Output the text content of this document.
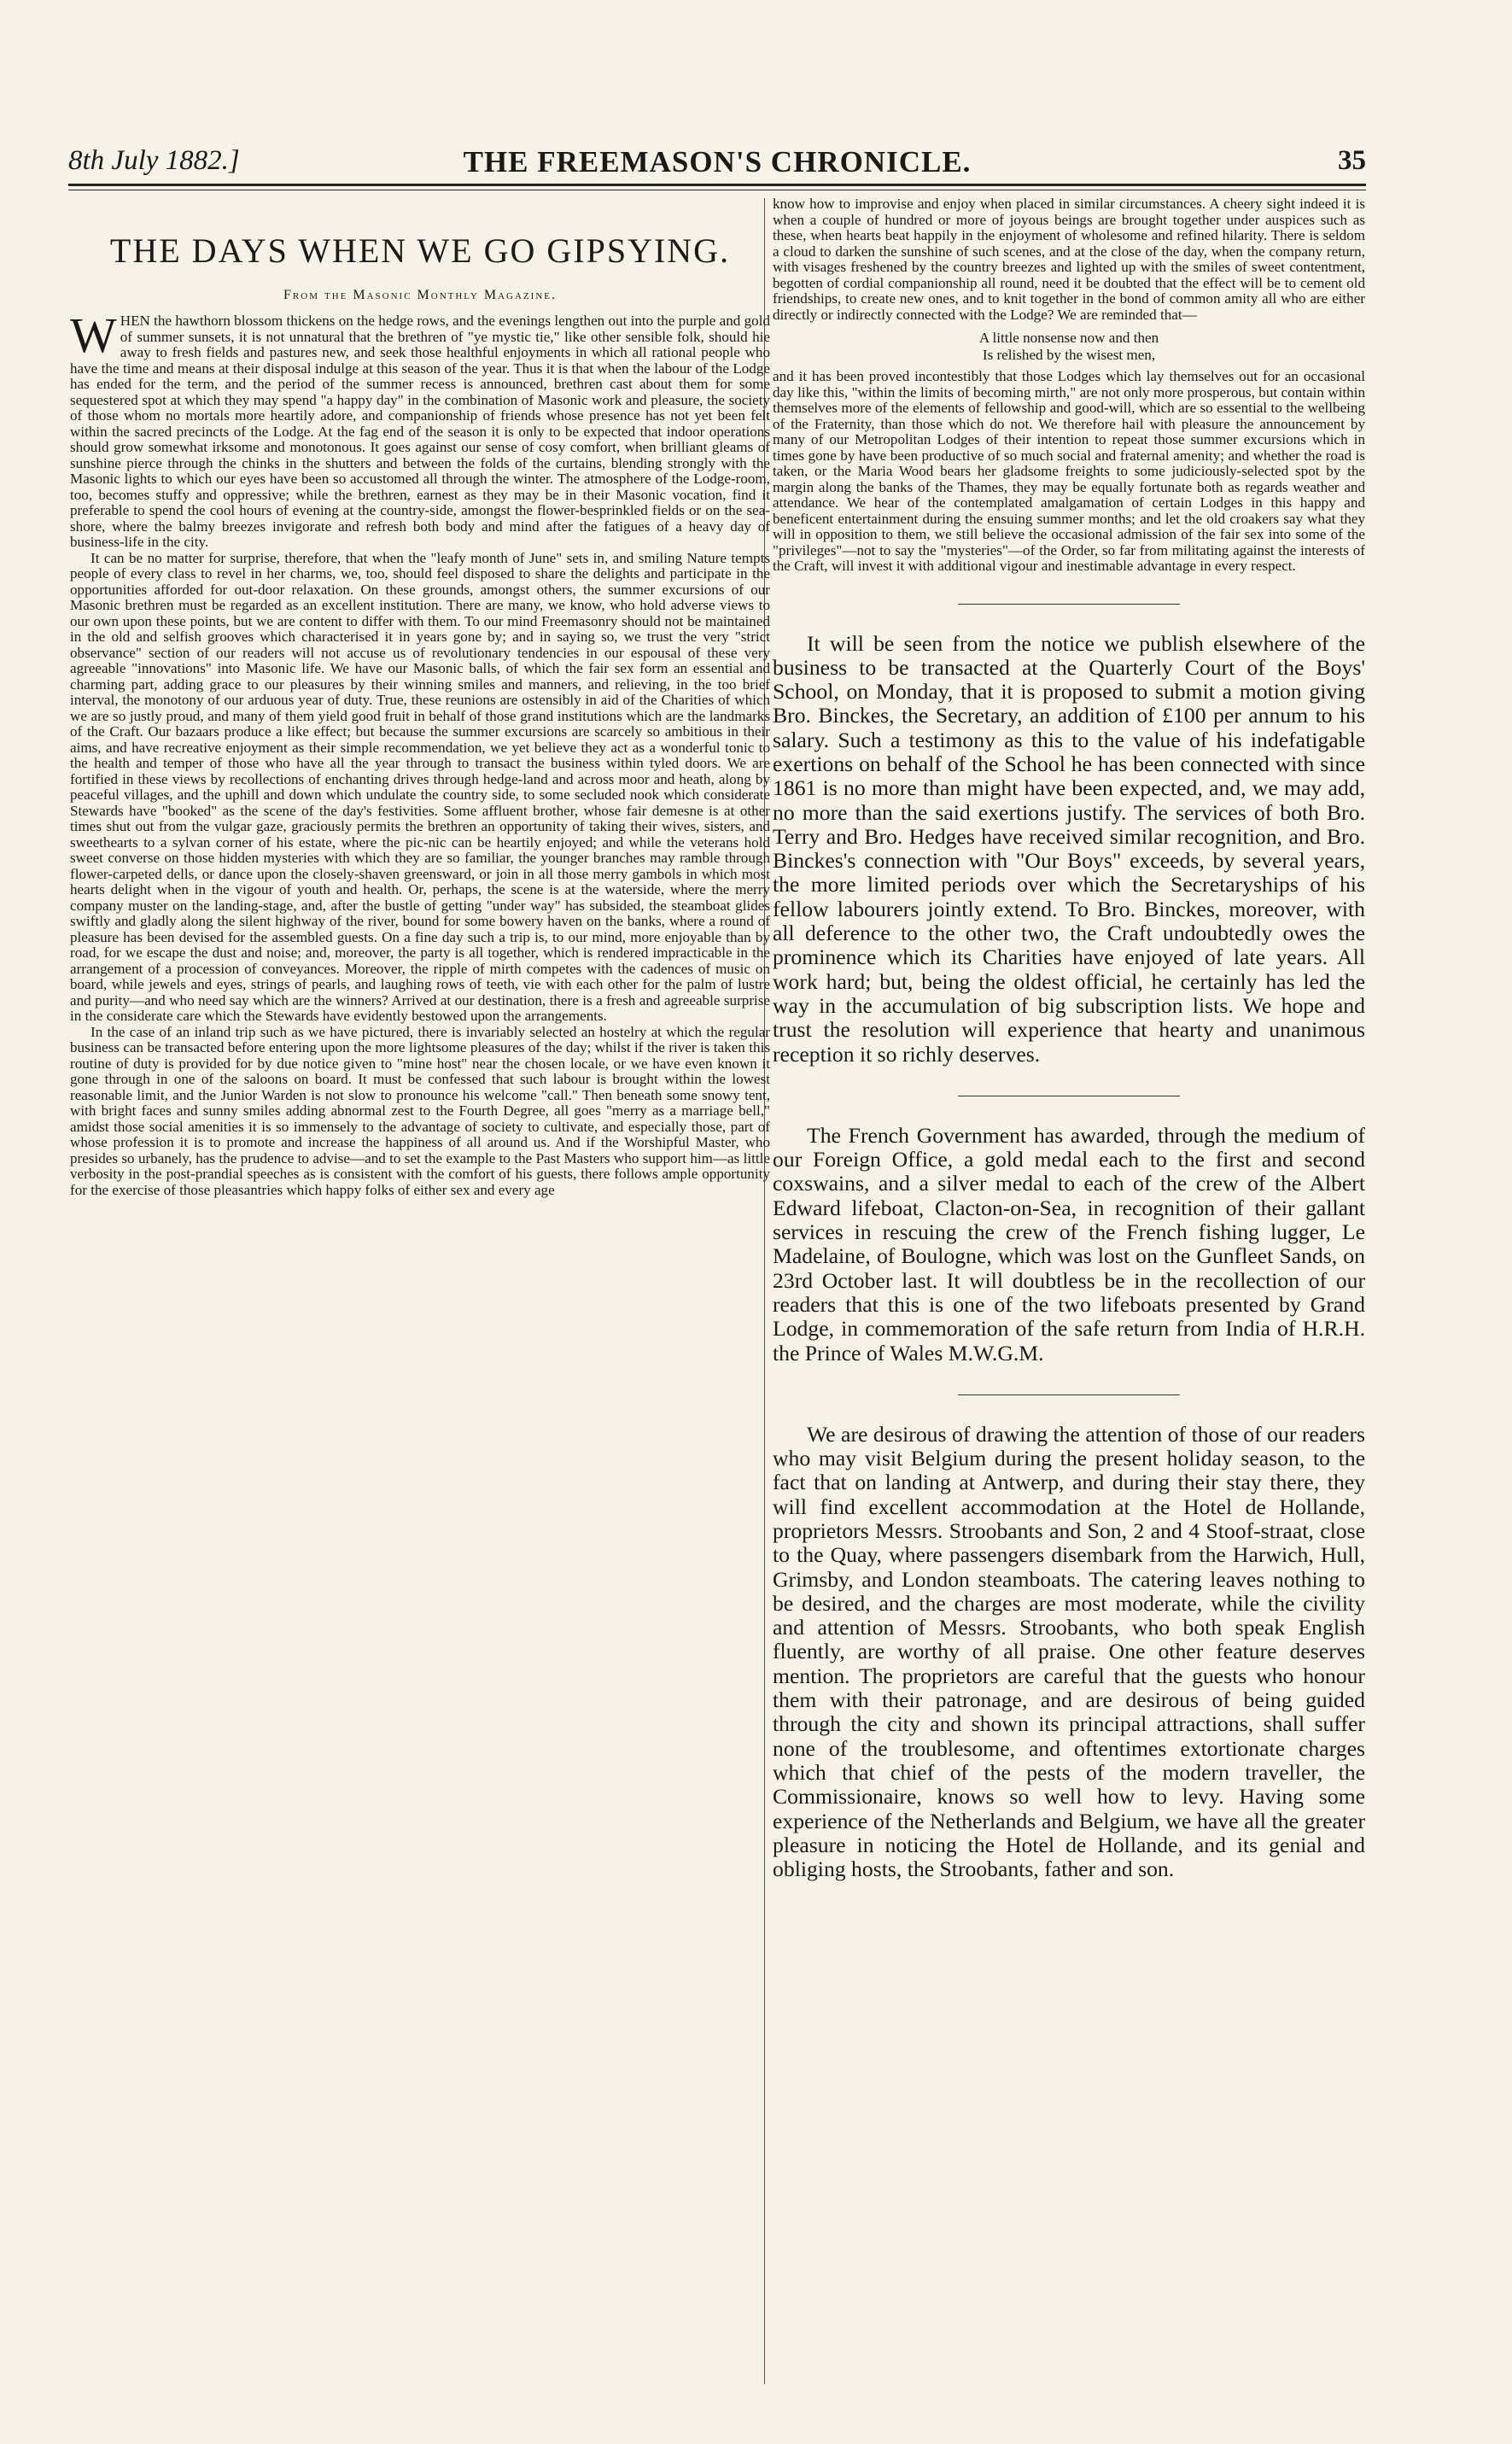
THE FREEMASON'S CHRONICLE.
8th July 1882.]	35
THE DAYS WHEN WE GO GIPSYING.
From the Masonic Monthly Magazine.

WHEN the hawthorn blossom thickens on the hedge rows, and the evenings lengthen out into the purple and gold of summer sunsets, it is not unnatural that the brethren of "ye mystic tie," like other sensible folk, should hie away to fresh fields and pastures new, and seek those healthful enjoyments in which all rational people who have the time and means at their disposal indulge at this season of the year. Thus it is that when the labour of the Lodge has ended for the term, and the period of the summer recess is announced, brethren cast about them for some sequestered spot at which they may spend "a happy day" in the combination of Masonic work and pleasure, the society of those whom no mortals more heartily adore, and companionship of friends whose presence has not yet been felt within the sacred precincts of the Lodge. At the fag end of the season it is only to be expected that indoor operations should grow somewhat irksome and monotonous. It goes against our sense of cosy comfort, when brilliant gleams of sunshine pierce through the chinks in the shutters and between the folds of the curtains, blending strongly with the Masonic lights to which our eyes have been so accustomed all through the winter. The atmosphere of the Lodge-room, too, becomes stuffy and oppressive; while the brethren, earnest as they may be in their Masonic vocation, find it preferable to spend the cool hours of evening at the country-side, amongst the flower-besprinkled fields or on the sea-shore, where the balmy breezes invigorate and refresh both body and mind after the fatigues of a heavy day of business-life in the city.

It can be no matter for surprise, therefore, that when the "leafy month of June" sets in, and smiling Nature tempts people of every class to revel in her charms, we, too, should feel disposed to share the delights and participate in the opportunities afforded for out-door relaxation. On these grounds, amongst others, the summer excursions of our Masonic brethren must be regarded as an excellent institution. There are many, we know, who hold adverse views to our own upon these points, but we are content to differ with them. To our mind Freemasonry should not be maintained in the old and selfish grooves which characterised it in years gone by; and in saying so, we trust the very "strict observance" section of our readers will not accuse us of revolutionary tendencies in our espousal of these very agreeable "innovations" into Masonic life. We have our Masonic balls, of which the fair sex form an essential and charming part, adding grace to our pleasures by their winning smiles and manners, and relieving, in the too brief interval, the monotony of our arduous year of duty. True, these reunions are ostensibly in aid of the Charities of which we are so justly proud, and many of them yield good fruit in behalf of those grand institutions which are the landmarks of the Craft. Our bazaars produce a like effect; but because the summer excursions are scarcely so ambitious in their aims, and have recreative enjoyment as their simple recommendation, we yet believe they act as a wonderful tonic to the health and temper of those who have all the year through to transact the business within tyled doors. We are fortified in these views by recollections of enchanting drives through hedge-land and across moor and heath, along by peaceful villages, and the uphill and down which undulate the country side, to some secluded nook which considerate Stewards have "booked" as the scene of the day's festivities. Some affluent brother, whose fair demesne is at other times shut out from the vulgar gaze, graciously permits the brethren an opportunity of taking their wives, sisters, and sweethearts to a sylvan corner of his estate, where the pic-nic can be heartily enjoyed; and while the veterans hold sweet converse on those hidden mysteries with which they are so familiar, the younger branches may ramble through flower-carpeted dells, or dance upon the closely-shaven greensward, or join in all those merry gambols in which most hearts delight when in the vigour of youth and health. Or, perhaps, the scene is at the waterside, where the merry company muster on the landing-stage, and, after the bustle of getting "under way" has subsided, the steamboat glides swiftly and gladly along the silent highway of the river, bound for some bowery haven on the banks, where a round of pleasure has been devised for the assembled guests. On a fine day such a trip is, to our mind, more enjoyable than by road, for we escape the dust and noise; and, moreover, the party is all together, which is rendered impracticable in the arrangement of a procession of conveyances. Moreover, the ripple of mirth competes with the cadences of music on board, while jewels and eyes, strings of pearls, and laughing rows of teeth, vie with each other for the palm of lustre and purity—and who need say which are the winners? Arrived at our destination, there is a fresh and agreeable surprise in the considerate care which the Stewards have evidently bestowed upon the arrangements.

In the case of an inland trip such as we have pictured, there is invariably selected an hostelry at which the regular business can be transacted before entering upon the more lightsome pleasures of the day; whilst if the river is taken this routine of duty is provided for by due notice given to "mine host" near the chosen locale, or we have even known it gone through in one of the saloons on board. It must be confessed that such labour is brought within the lowest reasonable limit, and the Junior Warden is not slow to pronounce his welcome "call." Then beneath some snowy tent, with bright faces and sunny smiles adding abnormal zest to the Fourth Degree, all goes "merry as a marriage bell," amidst those social amenities it is so immensely to the advantage of society to cultivate, and especially those, part of whose profession it is to promote and increase the happiness of all around us. And if the Worshipful Master, who presides so urbanely, has the prudence to advise—and to set the example to the Past Masters who support him—as little verbosity in the post-prandial speeches as is consistent with the comfort of his guests, there follows ample opportunity for the exercise of those pleasantries which happy folks of either sex and every age

know how to improvise and enjoy when placed in similar circumstances. A cheery sight indeed it is when a couple of hundred or more of joyous beings are brought together under auspices such as these, when hearts beat happily in the enjoyment of wholesome and refined hilarity. There is seldom a cloud to darken the sunshine of such scenes, and at the close of the day, when the company return, with visages freshened by the country breezes and lighted up with the smiles of sweet contentment, begotten of cordial companionship all round, need it be doubted that the effect will be to cement old friendships, to create new ones, and to knit together in the bond of common amity all who are either directly or indirectly connected with the Lodge? We are reminded that—

A little nonsense now and then
Is relished by the wisest men,

and it has been proved incontestibly that those Lodges which lay themselves out for an occasional day like this, "within the limits of becoming mirth," are not only more prosperous, but contain within themselves more of the elements of fellowship and good-will, which are so essential to the wellbeing of the Fraternity, than those which do not. We therefore hail with pleasure the announcement by many of our Metropolitan Lodges of their intention to repeat those summer excursions which in times gone by have been productive of so much social and fraternal amenity; and whether the road is taken, or the Maria Wood bears her gladsome freights to some judiciously-selected spot by the margin along the banks of the Thames, they may be equally fortunate both as regards weather and attendance. We hear of the contemplated amalgamation of certain Lodges in this happy and beneficent entertainment during the ensuing summer months; and let the old croakers say what they will in opposition to them, we still believe the occasional admission of the fair sex into some of the "privileges"—not to say the "mysteries"—of the Order, so far from militating against the interests of the Craft, will invest it with additional vigour and inestimable advantage in every respect.

It will be seen from the notice we publish elsewhere of the business to be transacted at the Quarterly Court of the Boys' School, on Monday, that it is proposed to submit a motion giving Bro. Binckes, the Secretary, an addition of £100 per annum to his salary. Such a testimony as this to the value of his indefatigable exertions on behalf of the School he has been connected with since 1861 is no more than might have been expected, and, we may add, no more than the said exertions justify. The services of both Bro. Terry and Bro. Hedges have received similar recognition, and Bro. Binckes's connection with "Our Boys" exceeds, by several years, the more limited periods over which the Secretaryships of his fellow labourers jointly extend. To Bro. Binckes, moreover, with all deference to the other two, the Craft undoubtedly owes the prominence which its Charities have enjoyed of late years. All work hard; but, being the oldest official, he certainly has led the way in the accumulation of big subscription lists. We hope and trust the resolution will experience that hearty and unanimous reception it so richly deserves.

The French Government has awarded, through the medium of our Foreign Office, a gold medal each to the first and second coxswains, and a silver medal to each of the crew of the Albert Edward lifeboat, Clacton-on-Sea, in recognition of their gallant services in rescuing the crew of the French fishing lugger, Le Madelaine, of Boulogne, which was lost on the Gunfleet Sands, on 23rd October last. It will doubtless be in the recollection of our readers that this is one of the two lifeboats presented by Grand Lodge, in commemoration of the safe return from India of H.R.H. the Prince of Wales M.W.G.M.

We are desirous of drawing the attention of those of our readers who may visit Belgium during the present holiday season, to the fact that on landing at Antwerp, and during their stay there, they will find excellent accommodation at the Hotel de Hollande, proprietors Messrs. Stroobants and Son, 2 and 4 Stoof-straat, close to the Quay, where passengers disembark from the Harwich, Hull, Grimsby, and London steamboats. The catering leaves nothing to be desired, and the charges are most moderate, while the civility and attention of Messrs. Stroobants, who both speak English fluently, are worthy of all praise. One other feature deserves mention. The proprietors are careful that the guests who honour them with their patronage, and are desirous of being guided through the city and shown its principal attractions, shall suffer none of the troublesome, and oftentimes extortionate charges which that chief of the pests of the modern traveller, the Commissionaire, knows so well how to levy. Having some experience of the Netherlands and Belgium, we have all the greater pleasure in noticing the Hotel de Hollande, and its genial and obliging hosts, the Stroobants, father and son.
